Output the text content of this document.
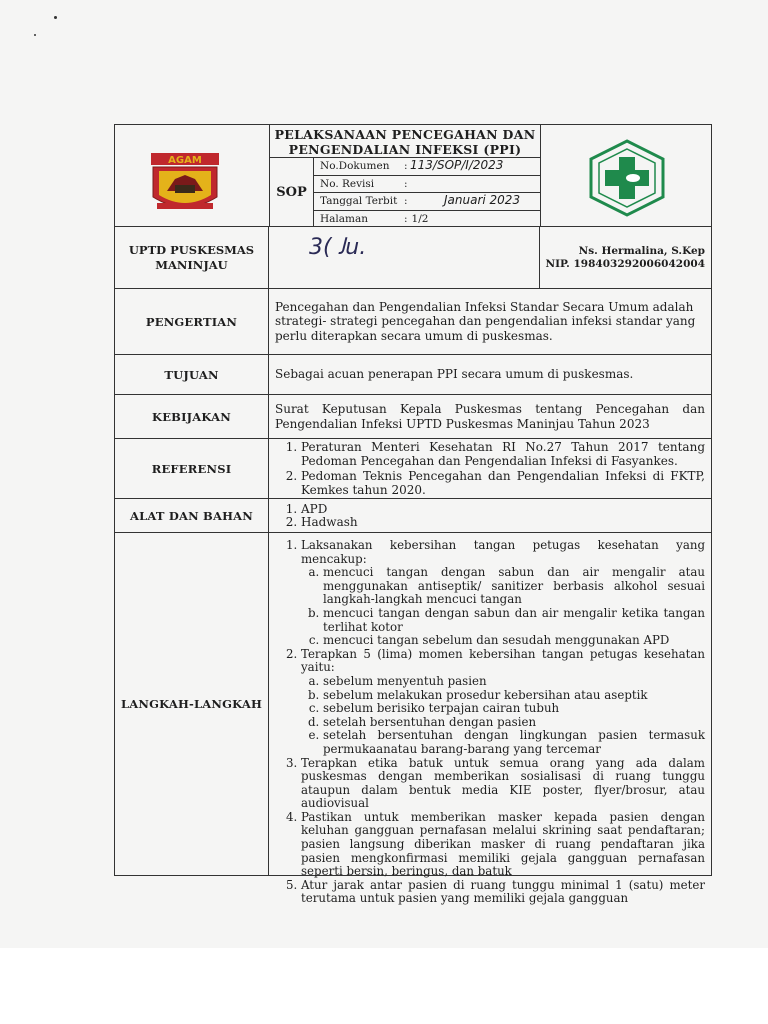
AGAM
PELAKSANAAN PENCEGAHAN DAN
PENGENDALIAN INFEKSI (PPI)
SOP
No.Dokumen	: 113/SOP/I/2023
No. Revisi	:
Tanggal Terbit :	Januari 2023
Halaman	: 1/2
UPTD PUSKESMAS
MANINJAU
3( ﻟu.	Ns. Hermalina, S.Kep
NIP. 198403292006042004
PENGERTIAN
Pencegahan dan Pengendalian Infeksi Standar Secara Umum adalah strategi- strategi pencegahan dan pengendalian infeksi standar yang perlu diterapkan secara umum di puskesmas.
TUJUAN	Sebagai acuan penerapan PPI secara umum di puskesmas.
KEBIJAKAN
Surat Keputusan Kepala Puskesmas tentang Pencegahan dan Pengendalian Infeksi UPTD Puskesmas Maninjau Tahun 2023
REFERENSI
1. Peraturan Menteri Kesehatan RI No.27 Tahun 2017 tentang Pedoman Pencegahan dan Pengendalian Infeksi di Fasyankes.
2. Pedoman Teknis Pencegahan dan Pengendalian Infeksi di FKTP, Kemkes tahun 2020.
ALAT DAN BAHAN
1.	APD
2. Hadwash
LANGKAH-LANGKAH
1. Laksanakan kebersihan tangan petugas kesehatan yang mencakup:
a. mencuci tangan dengan sabun dan air mengalir atau menggunakan antiseptik/ sanitizer berbasis alkohol sesuai langkah-langkah mencuci tangan
b. mencuci tangan dengan sabun dan air mengalir ketika tangan terlihat kotor
c. mencuci tangan sebelum dan sesudah menggunakan APD
2. Terapkan 5 (lima) momen kebersihan tangan petugas kesehatan yaitu:
a. sebelum menyentuh pasien
b. sebelum melakukan prosedur kebersihan atau aseptik
c. sebelum berisiko terpajan cairan tubuh
d. setelah bersentuhan dengan pasien
e. setelah bersentuhan dengan lingkungan pasien termasuk permukaanatau barang-barang yang tercemar
3. Terapkan etika batuk untuk semua orang yang ada dalam puskesmas dengan memberikan sosialisasi di ruang tunggu ataupun dalam bentuk media KIE poster, flyer/brosur, atau audiovisual
4. Pastikan untuk memberikan masker kepada pasien dengan keluhan gangguan pernafasan melalui skrining saat pendaftaran; pasien langsung diberikan masker di ruang pendaftaran jika pasien mengkonfirmasi memiliki gejala gangguan pernafasan seperti bersin, beringus, dan batuk
5. Atur jarak antar pasien di ruang tunggu minimal 1 (satu) meter terutama untuk pasien yang memiliki gejala gangguan
